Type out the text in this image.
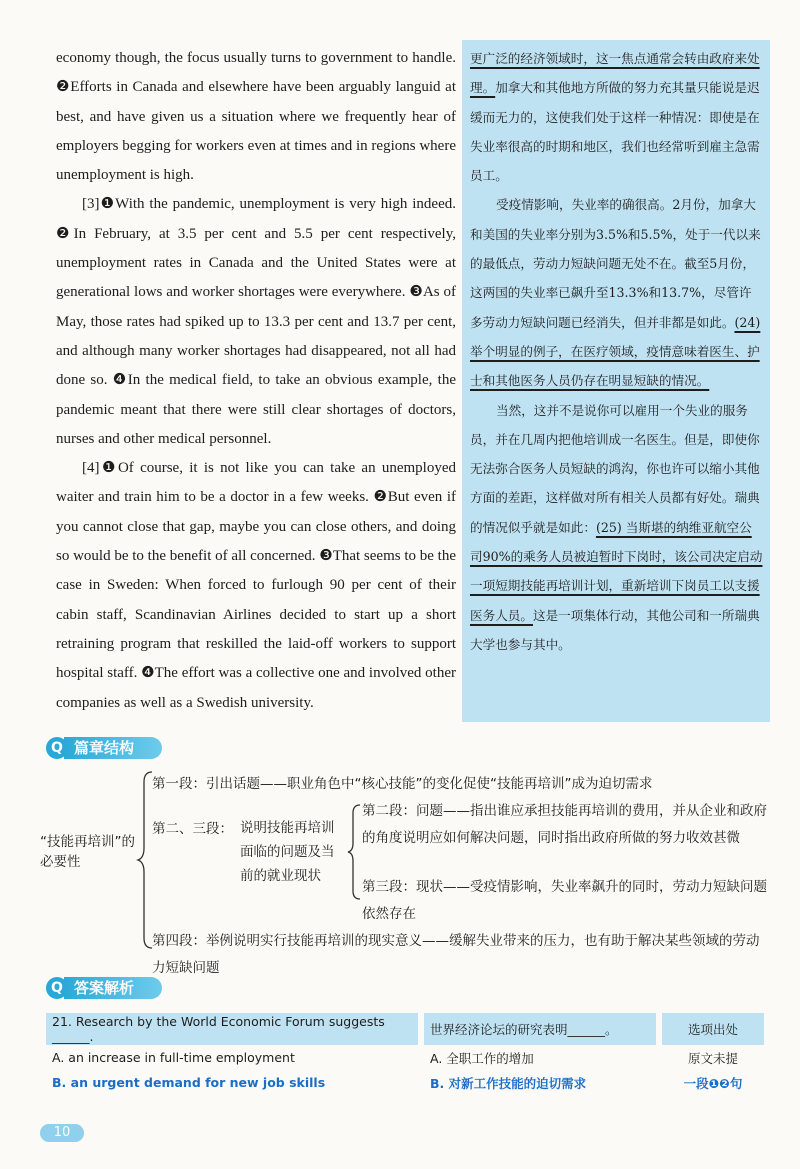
economy though, the focus usually turns to government to handle. ❷Efforts in Canada and elsewhere have been arguably languid at best, and have given us a situation where we frequently hear of employers begging for workers even at times and in regions where unemployment is high.

[3]❶With the pandemic, unemployment is very high indeed. ❷In February, at 3.5 per cent and 5.5 per cent respectively, unemployment rates in Canada and the United States were at generational lows and worker shortages were everywhere. ❸As of May, those rates had spiked up to 13.3 per cent and 13.7 per cent, and although many worker shortages had disappeared, not all had done so. ❹In the medical field, to take an obvious example, the pandemic meant that there were still clear shortages of doctors, nurses and other medical personnel.

[4]❶Of course, it is not like you can take an unemployed waiter and train him to be a doctor in a few weeks. ❷But even if you cannot close that gap, maybe you can close others, and doing so would be to the benefit of all concerned. ❸That seems to be the case in Sweden: When forced to furlough 90 per cent of their cabin staff, Scandinavian Airlines decided to start up a short retraining program that reskilled the laid-off workers to support hospital staff. ❹The effort was a collective one and involved other companies as well as a Swedish university.

更广泛的经济领域时，这一焦点通常会转由政府来处理。加拿大和其他地方所做的努力充其量只能说是迟缓而无力的，这使我们处于这样一种情况：即使是在失业率很高的时期和地区，我们也经常听到雇主急需员工。

受疫情影响，失业率的确很高。2月份，加拿大和美国的失业率分别为3.5%和5.5%，处于一代以来的最低点，劳动力短缺问题无处不在。截至5月份，这两国的失业率已飙升至13.3%和13.7%，尽管许多劳动力短缺问题已经消失，但并非都是如此。(24) 举个明显的例子，在医疗领域，疫情意味着医生、护士和其他医务人员仍存在明显短缺的情况。

当然，这并不是说你可以雇用一个失业的服务员，并在几周内把他培训成一名医生。但是，即使你无法弥合医务人员短缺的鸿沟，你也许可以缩小其他方面的差距，这样做对所有相关人员都有好处。瑞典的情况似乎就是如此：(25) 当斯堪的纳维亚航空公司90%的乘务人员被迫暂时下岗时，该公司决定启动一项短期技能再培训计划，重新培训下岗员工以支援医务人员。这是一项集体行动，其他公司和一所瑞典大学也参与其中。

Q 篇章结构
“技能再培训”的必要性
第一段：引出话题——职业角色中“核心技能”的变化促使“技能再培训”成为迫切需求
第二、三段： 说明技能再培训面临的问题及当前的就业现状
第二段：问题——指出谁应承担技能再培训的费用，并从企业和政府的角度说明应如何解决问题，同时指出政府所做的努力收效甚微
第三段：现状——受疫情影响，失业率飙升的同时，劳动力短缺问题依然存在
第四段：举例说明实行技能再培训的现实意义——缓解失业带来的压力，也有助于解决某些领域的劳动力短缺问题
Q 答案解析
21. Research by the World Economic Forum suggests ______.	世界经济论坛的研究表明______。	选项出处
A. an increase in full-time employment	A. 全职工作的增加	原文未提
B. an urgent demand for new job skills	B. 对新工作技能的迫切需求	一段❶❷句
10
